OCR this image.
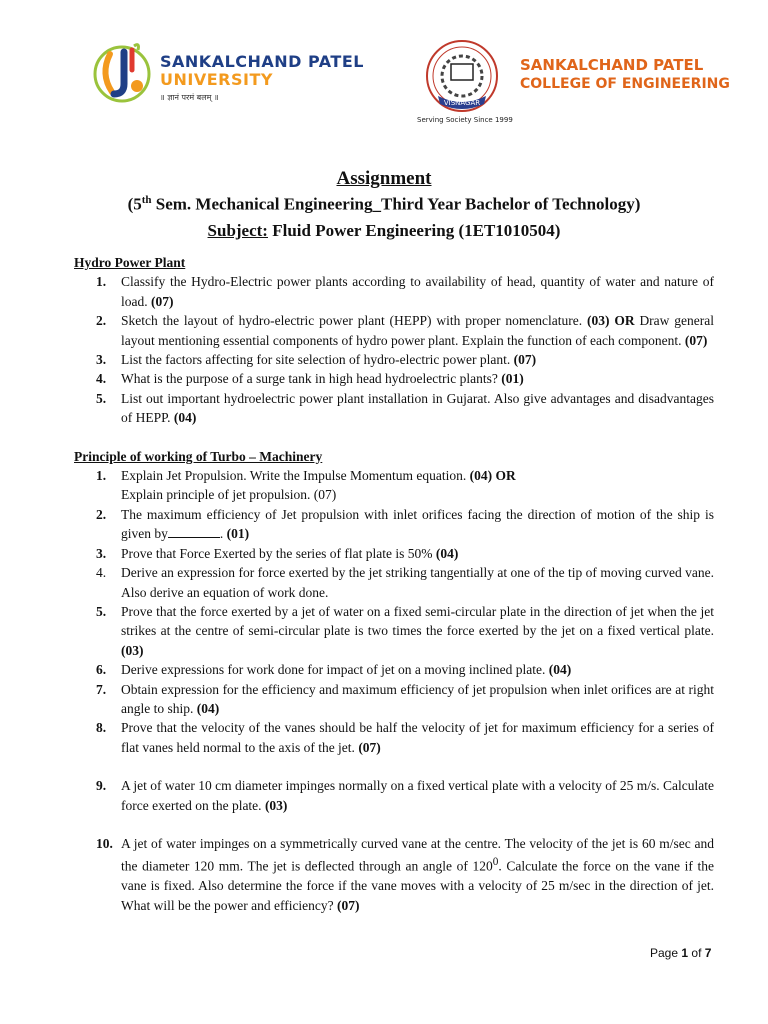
SANKALCHAND PATEL
UNIVERSITY
॥ ज्ञानं परमं बलम् ॥
VISNAGAR
Serving Society Since 1999
SANKALCHAND PATEL
COLLEGE OF ENGINEERING
Assignment
(5th Sem. Mechanical Engineering_Third Year Bachelor of Technology)
Subject: Fluid Power Engineering (1ET1010504)
Hydro Power Plant
1. Classify the Hydro-Electric power plants according to availability of head, quantity of water and nature of load. (07)
2. Sketch the layout of hydro-electric power plant (HEPP) with proper nomenclature. (03) OR Draw general layout mentioning essential components of hydro power plant. Explain the function of each component. (07)
3. List the factors affecting for site selection of hydro-electric power plant. (07)
4. What is the purpose of a surge tank in high head hydroelectric plants? (01)
5. List out important hydroelectric power plant installation in Gujarat. Also give advantages and disadvantages of HEPP. (04)
Principle of working of Turbo – Machinery
1. Explain Jet Propulsion. Write the Impulse Momentum equation. (04) OR
Explain principle of jet propulsion. (07)
2. The maximum efficiency of Jet propulsion with inlet orifices facing the direction of motion of the ship is given by	. (01)
3. Prove that Force Exerted by the series of flat plate is 50% (04)
4. Derive an expression for force exerted by the jet striking tangentially at one of the tip of moving curved vane. Also derive an equation of work done.
5. Prove that the force exerted by a jet of water on a fixed semi-circular plate in the direction of jet when the jet strikes at the centre of semi-circular plate is two times the force exerted by the jet on a fixed vertical plate. (03)
6. Derive expressions for work done for impact of jet on a moving inclined plate. (04)
7. Obtain expression for the efficiency and maximum efficiency of jet propulsion when inlet orifices are at right angle to ship. (04)
8. Prove that the velocity of the vanes should be half the velocity of jet for maximum efficiency for a series of flat vanes held normal to the axis of the jet. (07)
9. A jet of water 10 cm diameter impinges normally on a fixed vertical plate with a velocity of 25 m/s. Calculate force exerted on the plate. (03)
10. A jet of water impinges on a symmetrically curved vane at the centre. The velocity of the jet is 60 m/sec and the diameter 120 mm. The jet is deflected through an angle of $120^0$. Calculate the force on the vane if the vane is fixed. Also determine the force if the vane moves with a velocity of 25 m/sec in the direction of jet. What will be the power and efficiency? (07)
Page 1 of 7
